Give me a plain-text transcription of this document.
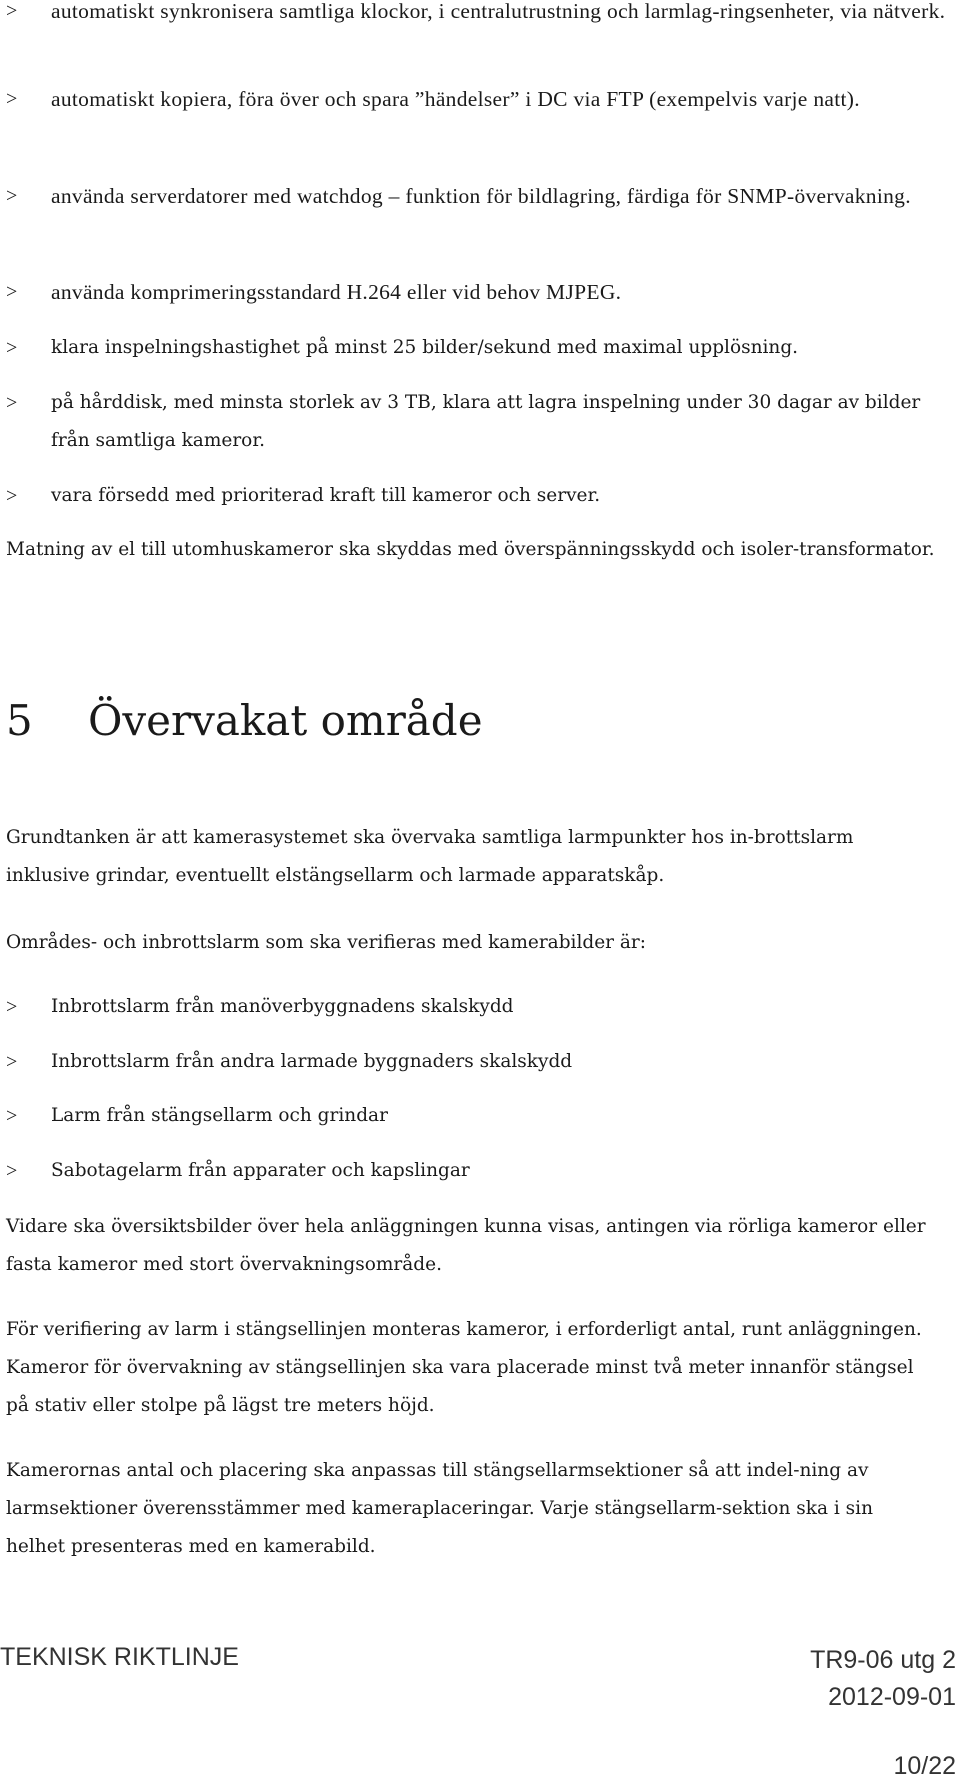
> automatiskt synkronisera samtliga klockor, i centralutrustning och larmlag-ringsenheter, via nätverk.
> automatiskt kopiera, föra över och spara ”händelser” i DC via FTP (exempelvis varje natt).
> använda serverdatorer med watchdog – funktion för bildlagring, färdiga för SNMP-övervakning.
> använda komprimeringsstandard H.264 eller vid behov MJPEG.
> klara inspelningshastighet på minst 25 bilder/sekund med maximal upplösning.
> på hårddisk, med minsta storlek av 3 TB, klara att lagra inspelning under 30 dagar av bilder från samtliga kameror.
> vara försedd med prioriterad kraft till kameror och server.
Matning av el till utomhuskameror ska skyddas med överspänningsskydd och isoler-transformator.
5 Övervakat område
Grundtanken är att kamerasystemet ska övervaka samtliga larmpunkter hos in-brottslarm inklusive grindar, eventuellt elstängsellarm och larmade apparatskåp.
Områdes- och inbrottslarm som ska verifieras med kamerabilder är:
> Inbrottslarm från manöverbyggnadens skalskydd
> Inbrottslarm från andra larmade byggnaders skalskydd
> Larm från stängsellarm och grindar
> Sabotagelarm från apparater och kapslingar
Vidare ska översiktsbilder över hela anläggningen kunna visas, antingen via rörliga kameror eller fasta kameror med stort övervakningsområde.
För verifiering av larm i stängsellinjen monteras kameror, i erforderligt antal, runt anläggningen. Kameror för övervakning av stängsellinjen ska vara placerade minst två meter innanför stängsel på stativ eller stolpe på lägst tre meters höjd.
Kamerornas antal och placering ska anpassas till stängsellarmsektioner så att indel-ning av larmsektioner överensstämmer med kameraplaceringar. Varje stängsellarm-sektion ska i sin helhet presenteras med en kamerabild.
TEKNISK RIKTLINJE	TR9-06 utg 2
2012-09-01
10/22
